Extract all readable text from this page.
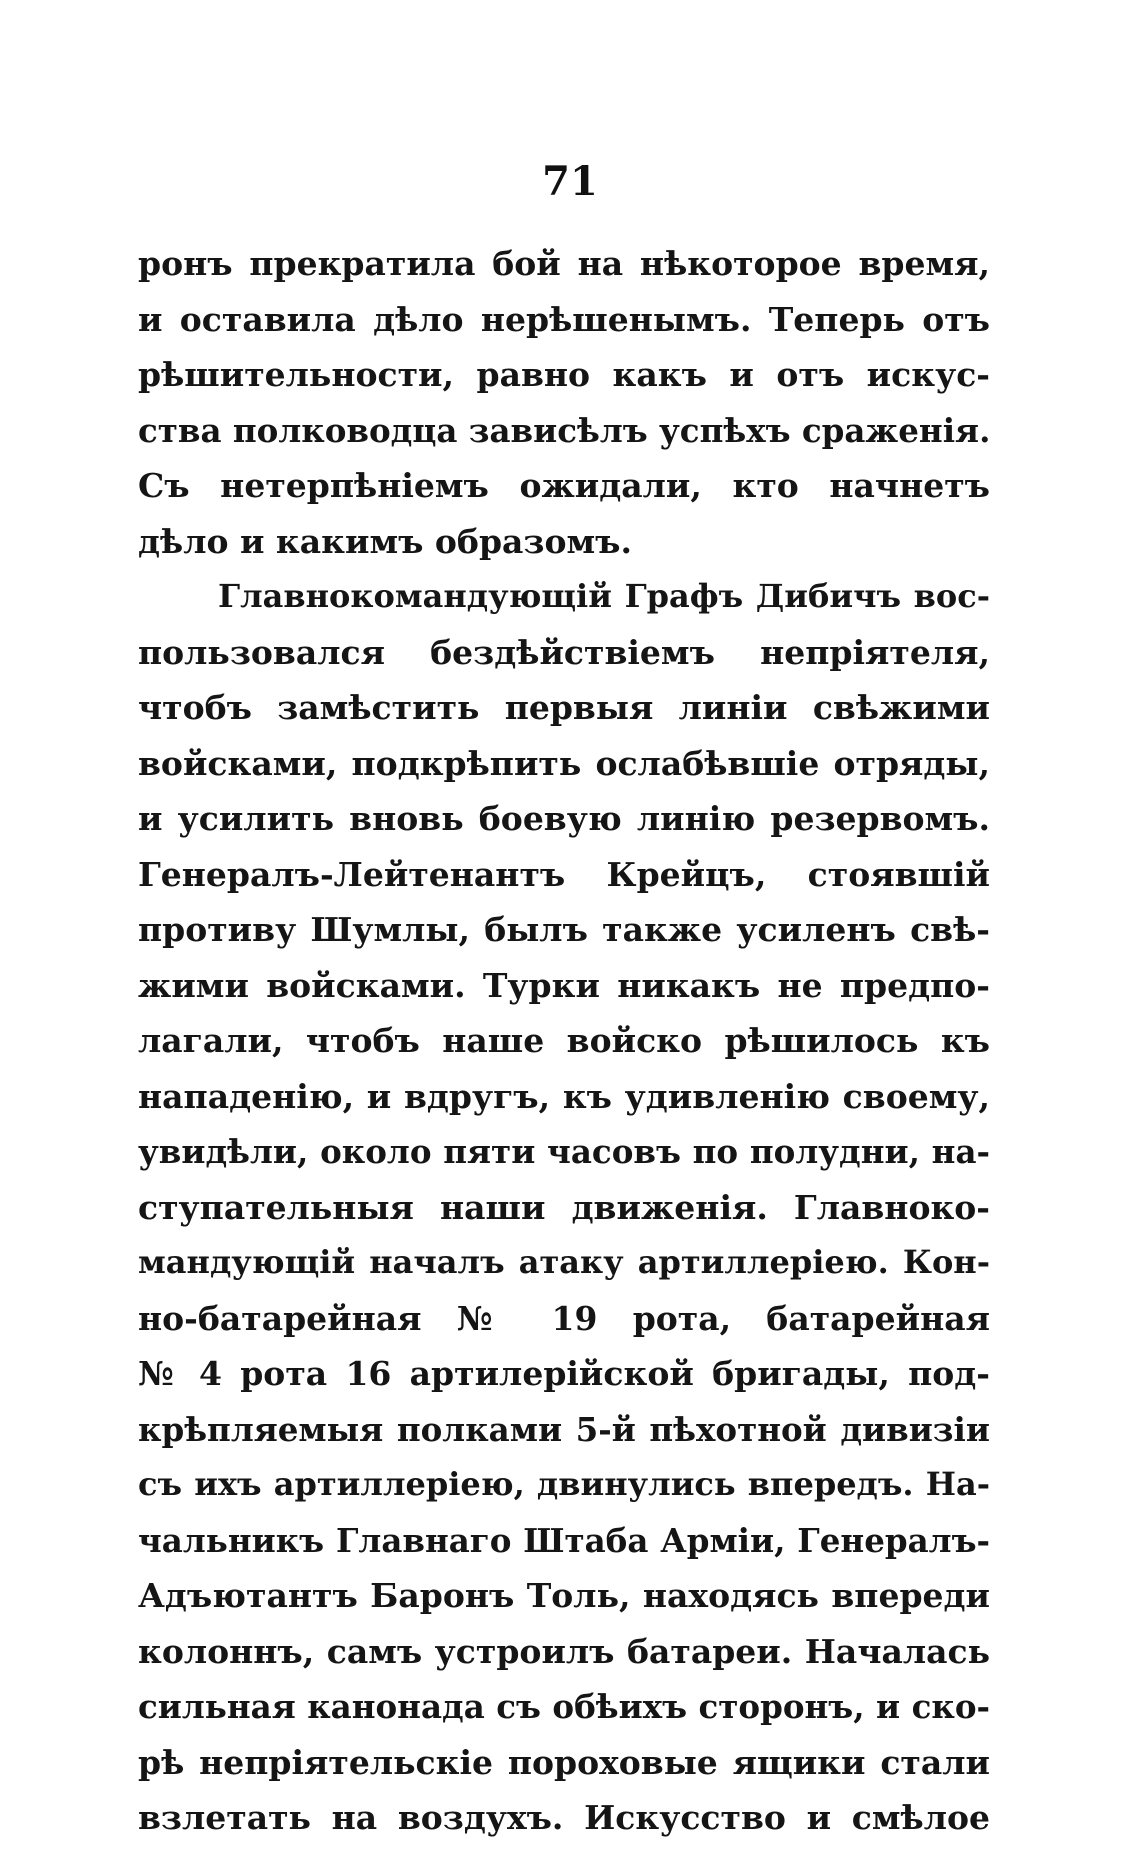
71
ронъ прекратила бой на нѣкоторое время,
и оставила дѣло нерѣшенымъ. Теперь отъ
рѣшительности, равно какъ и отъ искус-
ства полководца зависѣлъ успѣхъ сраженія.
Съ нетерпѣніемъ ожидали, кто начнетъ
дѣло и какимъ образомъ.
Главнокомандующій Графъ Дибичъ вос-
пользовался бездѣйствіемъ непріятеля,
чтобъ замѣстить первыя линіи свѣжими
войсками, подкрѣпить ослабѣвшіе отряды,
и усилить вновь боевую линію резервомъ.
Генералъ-Лейтенантъ Крейцъ, стоявшій
противу Шумлы, былъ также усиленъ свѣ-
жими войсками. Турки никакъ не предпо-
лагали, чтобъ наше войско рѣшилось къ
нападенію, и вдругъ, къ удивленію своему,
увидѣли, около пяти часовъ по полудни, на-
ступательныя наши движенія. Главноко-
мандующій началъ атаку артиллеріею. Кон-
но-батарейная № 19 рота, батарейная
№ 4 рота 16 артилерійской бригады, под-
крѣпляемыя полками 5-й пѣхотной дивизіи
съ ихъ артиллеріею, двинулись впередъ. На-
чальникъ Главнаго Штаба Арміи, Генералъ-
Адъютантъ Баронъ Толь, находясь впереди
колоннъ, самъ устроилъ батареи. Началась
сильная канонада съ обѣихъ сторонъ, и ско-
рѣ непріятельскіе пороховые ящики стали
взлетать на воздухъ. Искусство и смѣлое
